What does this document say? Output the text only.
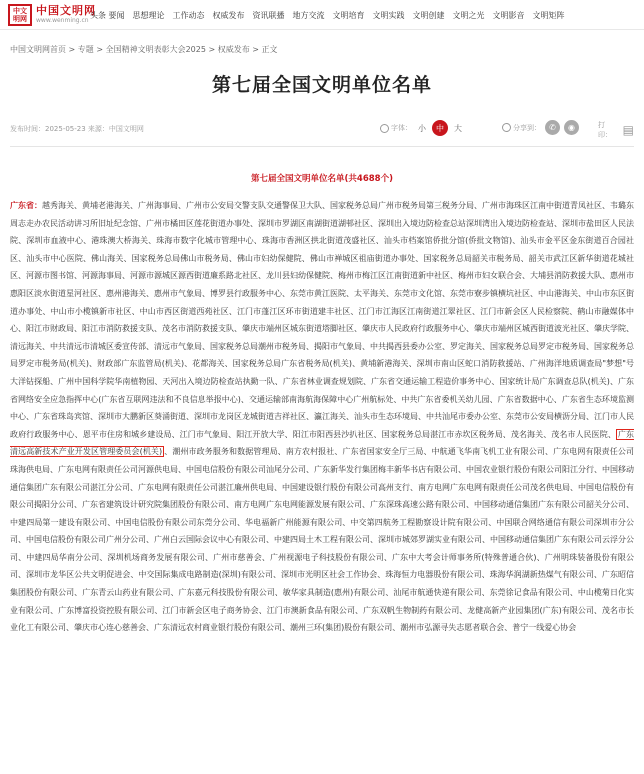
中文明网
中国文明网
www.wenming.cn
头条 要闻 思想理论 工作动态 权威发布 资讯联播 地方交流 文明培育 文明实践 文明创建 文明之光 文明影音 文明矩阵
中国文明网首页 > 专题 > 全国精神文明表彰大会2025 > 权威发布 > 正文
第七届全国文明单位名单
发布时间：2025-05-23 来源：中国文明网	字体： 小	中	大	分享到：	✆	◉	打印： ▤
第七届全国文明单位名单(共4688个)
广东省：越秀海关、黄埔老港海关、广州海事局、广州市公安局交警支队交通警保卫大队、国家税务总局广州市税务局第三税务分局、广州市海珠区江南中街道青凤社区、韦璐东周志走办农民活动讲习所旧址纪念馆、广州市橘田区莲花街道办事处、深圳市罗湖区南湖街道湖邨社区、深圳出入境边防检查总站深圳湾出入境边防检查站、深圳市盐田区人民法院、深圳市血液中心、港珠澳大桥海关、珠海市数字化城市管理中心、珠海市香洲区拱北街道茂盛社区、汕头市档案馆侨批分馆(侨批文物馆)、汕头市金平区金东街道百合园社区、汕头市中心医院、佛山海关、国家税务总局佛山市税务局、佛山市妇幼保健院、佛山市禅城区祖庙街道办事处、国家税务总局韶关市税务局、韶关市武江区新华街道花城社区、河源市图书馆、河源海事局、河源市源城区源西街道廉系路北社区、龙川县妇幼保健院、梅州市梅江区江南街道新中社区、梅州市妇女联合会、大埔县消防救援大队、惠州市惠阳区淡水街道星河社区、惠州港海关、惠州市气象局、博罗县行政服务中心、东莞市黄江医院、太平海关、东莞市文化馆、东莞市寮步镇横坑社区、中山港海关、中山市东区街道办事处、中山市小榄镇新市社区、中山市西区街道西苑社区、江门市蓬江区环市街道建丰社区、江门市江海区江南街道江翠社区、江门市新会区人民检察院、鹤山市融媒体中心、阳江市财政局、阳江市消防救援支队、茂名市消防救援支队、肇庆市端州区城东街道塔脚社区、肇庆市人民政府行政服务中心、肇庆市端州区城西街道波光社区、肇庆学院、清远海关、中共清远市清城区委宣传部、清远市气象局、国家税务总局潮州市税务局、揭阳市气象局、中共揭西县委办公室、罗定海关、国家税务总局罗定市税务局、国家税务总局罗定市税务局(机关)、财政部广东监管局(机关)、花都海关、国家税务总局广东省税务局(机关)、黄埔新港海关、深圳市南山区蛇口消防救援站、广州海洋地质调查局"梦想"号大洋钻探船、广州中国科学院华南植物园、天河出入境边防检查站执勤一队、广东省林业调查规划院、广东省交通运输工程造价事务中心、国家统计局广东调查总队(机关)、广东省网络安全应急指挥中心(广东省互联网违法和不良信息举报中心)、交通运输部南海航海保障中心广州航标处、中共广东省委机关幼儿园、广东省数据中心、广东省生态环境监测中心、广东省珠岛宾馆、深圳市大鹏新区葵涌街道、深圳市龙岗区龙城街道吉祥社区、瀛江海关、汕头市生态环境局、中共汕尾市委办公室、东莞市公安局横沥分局、江门市人民政府行政服务中心、恩平市住房和城乡建设局、江门市气象局、阳江开放大学、阳江市阳西县沙扒社区、国家税务总局湛江市赤坎区税务局、茂名海关、茂名市人民医院、 广东清远高新技术产业开发区管理委员会(机关) 、潮州市政务服务和数据管理局、南方农村报社、广东省国家安全厅三局、中航通飞华南飞机工业有限公司、广东电网有限责任公司珠海供电局、广东电网有限责任公司河源供电局、中国电信股份有限公司汕尾分公司、广东新华发行集团梅丰新华书店有限公司、中国农业银行股份有限公司阳江分行、中国移动通信集团广东有限公司湛江分公司、广东电网有限责任公司湛江廉州供电局、中国建设银行股份有限公司高州支行、南方电网广东电网有限责任公司茂名供电局、中国电信股份有限公司揭阳分公司、广东省建筑设计研究院集团股份有限公司、南方电网广东电网能源发展有限公司、广东深珠高速公路有限公司、中国移动通信集团广东有限公司韶关分公司、中建四局第一建设有限公司、中国电信股份有限公司东莞分公司、华电福新广州能源有限公司、中交第四航务工程勘察设计院有限公司、中国联合网络通信有限公司深圳市分公司、中国电信股份有限公司广州分公司、广州白云国际会议中心有限公司、中建四局土木工程有限公司、深圳市城郊罗湖实业有限公司、中国移动通信集团广东有限公司云浮分公司、中建四局华南分公司、深圳机场商务发展有限公司、广州市慈善会、广州视源电子科技股份有限公司、广东中大考会计师事务所(特殊普通合伙)、广州明珠装备股份有限公司、深圳市龙华区公共文明促进会、中交国际集成电路制造(深圳)有限公司、深圳市光明区社会工作协会、珠海恒力电器股份有限公司、珠海华润湖新热煤气有限公司、广东昭信集团股份有限公司、广东青云山药业有限公司、广东嘉元科技股份有限公司、敏华家具制造(惠州)有限公司、汕尾市航通快递有限公司、东莞徐记食品有限公司、中山榄菊日化实业有限公司、广东博富投资控股有限公司、江门市新会区电子商务协会、江门市澳新食品有限公司、广东双帆生物制药有限公司、龙健高新产业园集团(广东)有限公司、茂名市长业化工有限公司、肇庆市心连心慈善会、广东清远农村商业银行股份有限公司、潮州三环(集团)股份有限公司、潮州市弘源寻失志愿者联合会、普宁一线爱心协会
